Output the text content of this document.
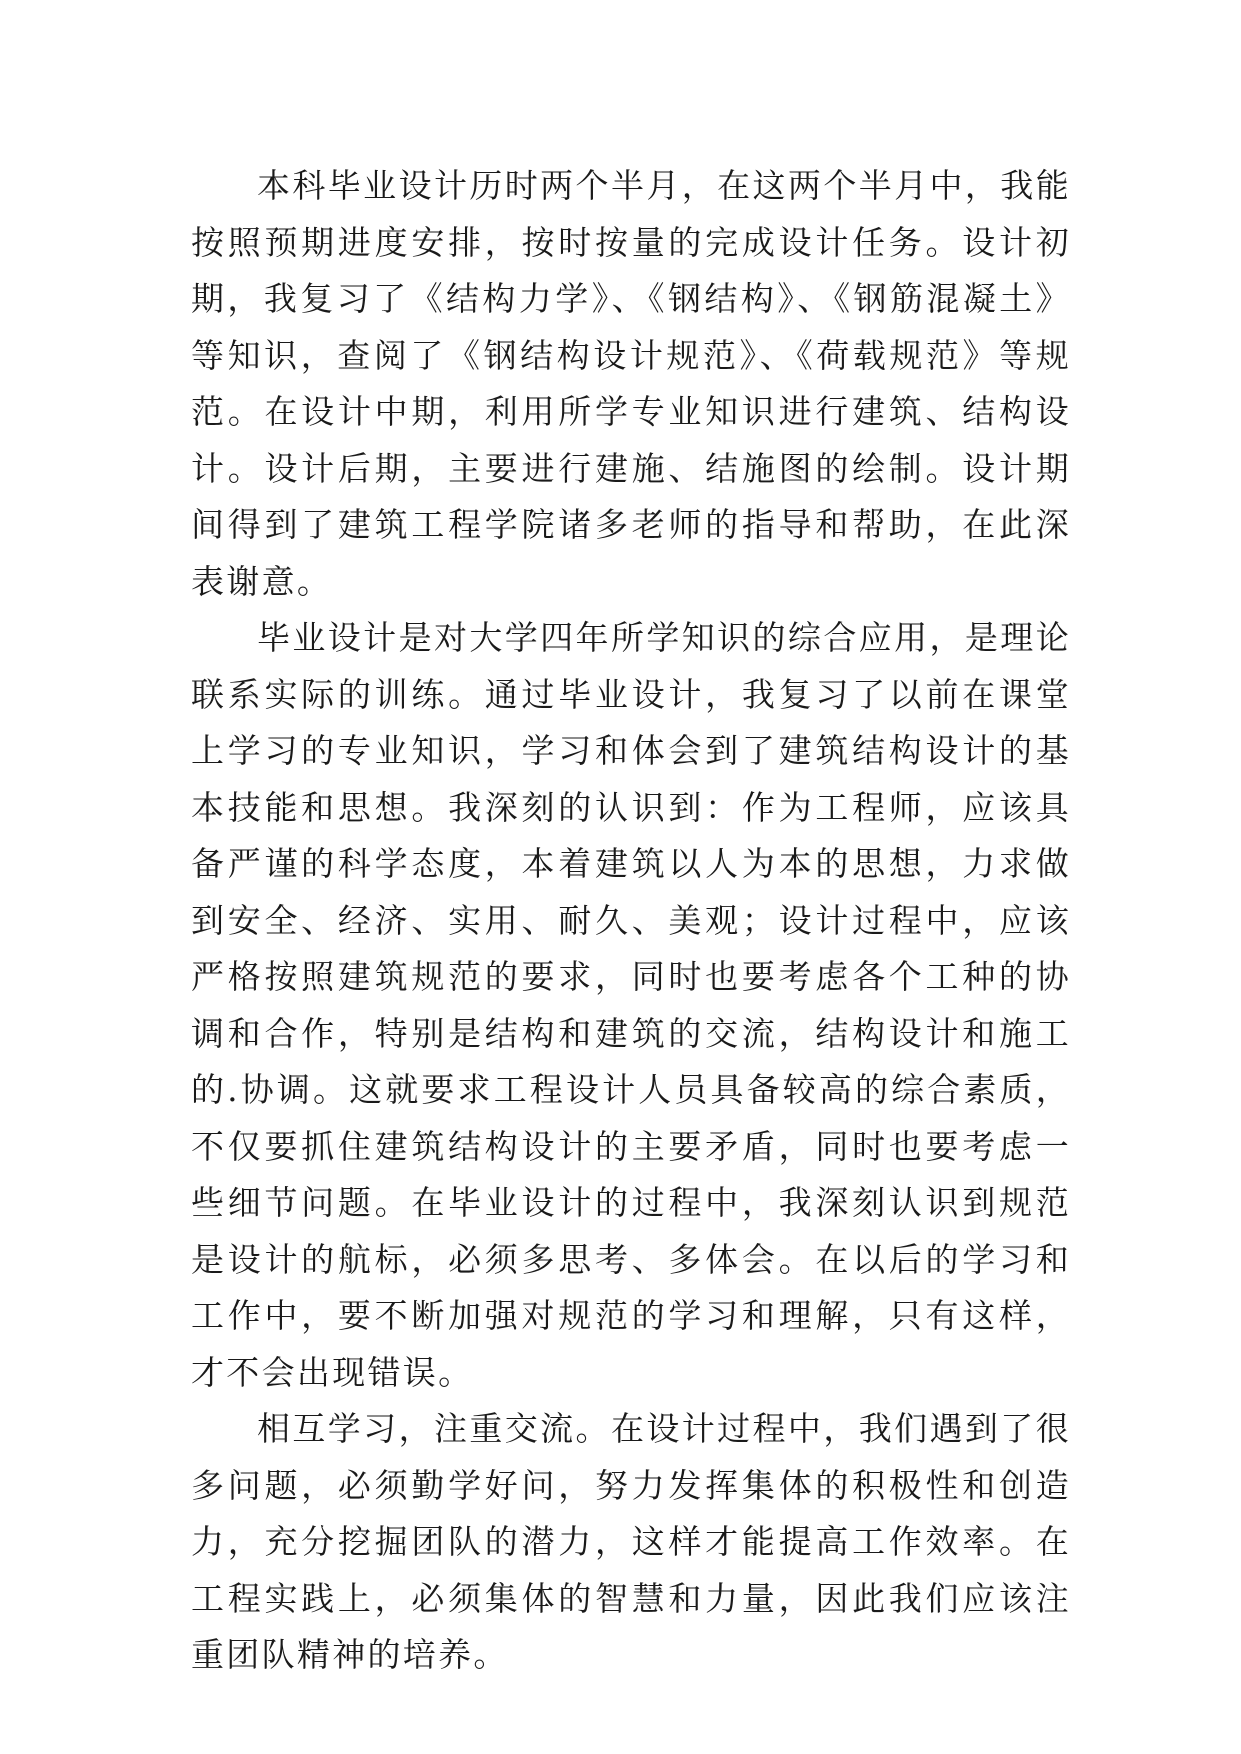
本科毕业设计历时两个半月，在这两个半月中，我能按照预期进度安排，按时按量的完成设计任务。设计初期，我复习了《结构力学》、《钢结构》、《钢筋混凝土》等知识，查阅了《钢结构设计规范》、《荷载规范》等规范。在设计中期，利用所学专业知识进行建筑、结构设计。设计后期，主要进行建施、结施图的绘制。设计期间得到了建筑工程学院诸多老师的指导和帮助，在此深表谢意。

毕业设计是对大学四年所学知识的综合应用，是理论联系实际的训练。通过毕业设计，我复习了以前在课堂上学习的专业知识，学习和体会到了建筑结构设计的基本技能和思想。我深刻的认识到：作为工程师，应该具备严谨的科学态度，本着建筑以人为本的思想，力求做到安全、经济、实用、耐久、美观；设计过程中，应该严格按照建筑规范的要求，同时也要考虑各个工种的协调和合作，特别是结构和建筑的交流，结构设计和施工的.协调。这就要求工程设计人员具备较高的综合素质，不仅要抓住建筑结构设计的主要矛盾，同时也要考虑一些细节问题。在毕业设计的过程中，我深刻认识到规范是设计的航标，必须多思考、多体会。在以后的学习和工作中，要不断加强对规范的学习和理解，只有这样，才不会出现错误。

相互学习，注重交流。在设计过程中，我们遇到了很多问题，必须勤学好问，努力发挥集体的积极性和创造力，充分挖掘团队的潜力，这样才能提高工作效率。在工程实践上，必须集体的智慧和力量，因此我们应该注重团队精神的培养。
